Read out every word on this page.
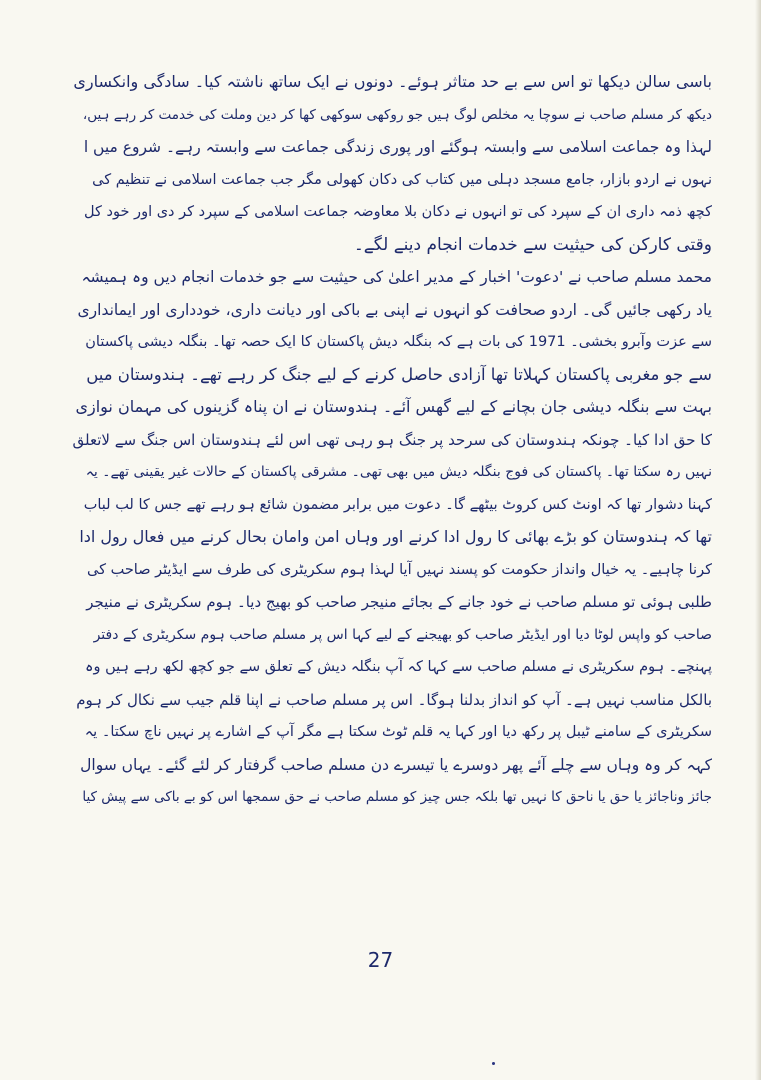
باسی سالن دیکھا تو اس سے بے حد متاثر ہوئے۔ دونوں نے ایک ساتھ ناشتہ کیا۔ سادگی وانکساری
دیکھ کر مسلم صاحب نے سوچا یہ مخلص لوگ ہیں جو روکھی سوکھی کھا کر دین وملت کی خدمت کر رہے ہیں،
لہذا وہ جماعت اسلامی سے وابستہ ہوگئے اور پوری زندگی جماعت سے وابستہ رہے۔ شروع میں ا
نہوں نے اردو بازار، جامع مسجد دہلی میں کتاب کی دکان کھولی مگر جب جماعت اسلامی نے تنظیم کی
کچھ ذمہ داری ان کے سپرد کی تو انہوں نے دکان بلا معاوضہ جماعت اسلامی کے سپرد کر دی اور خود کل
وقتی کارکن کی حیثیت سے خدمات انجام دینے لگے۔
محمد مسلم صاحب نے 'دعوت' اخبار کے مدیر اعلیٰ کی حیثیت سے جو خدمات انجام دیں وہ ہمیشہ
یاد رکھی جائیں گی۔ اردو صحافت کو انہوں نے اپنی بے باکی اور دیانت داری، خودداری اور ایمانداری
سے عزت وآبرو بخشی۔ 1971 کی بات ہے کہ بنگلہ دیش پاکستان کا ایک حصہ تھا۔ بنگلہ دیشی پاکستان
سے جو مغربی پاکستان کہلاتا تھا آزادی حاصل کرنے کے لیے جنگ کر رہے تھے۔ ہندوستان میں
بہت سے بنگلہ دیشی جان بچانے کے لیے گھس آئے۔ ہندوستان نے ان پناہ گزینوں کی مہمان نوازی
کا حق ادا کیا۔ چونکہ ہندوستان کی سرحد پر جنگ ہو رہی تھی اس لئے ہندوستان اس جنگ سے لاتعلق
نہیں رہ سکتا تھا۔ پاکستان کی فوج بنگلہ دیش میں بھی تھی۔ مشرقی پاکستان کے حالات غیر یقینی تھے۔ یہ
کہنا دشوار تھا کہ اونٹ کس کروٹ بیٹھے گا۔ دعوت میں برابر مضمون شائع ہو رہے تھے جس کا لب لباب
تھا کہ ہندوستان کو بڑے بھائی کا رول ادا کرنے اور وہاں امن وامان بحال کرنے میں فعال رول ادا
کرنا چاہیے۔ یہ خیال وانداز حکومت کو پسند نہیں آیا لہذا ہوم سکریٹری کی طرف سے ایڈیٹر صاحب کی
طلبی ہوئی تو مسلم صاحب نے خود جانے کے بجائے منیجر صاحب کو بھیج دیا۔ ہوم سکریٹری نے منیجر
صاحب کو واپس لوٹا دیا اور ایڈیٹر صاحب کو بھیجنے کے لیے کہا اس پر مسلم صاحب ہوم سکریٹری کے دفتر
پہنچے۔ ہوم سکریٹری نے مسلم صاحب سے کہا کہ آپ بنگلہ دیش کے تعلق سے جو کچھ لکھ رہے ہیں وہ
بالکل مناسب نہیں ہے۔ آپ کو انداز بدلنا ہوگا۔ اس پر مسلم صاحب نے اپنا قلم جیب سے نکال کر ہوم
سکریٹری کے سامنے ٹیبل پر رکھ دیا اور کہا یہ قلم ٹوٹ سکتا ہے مگر آپ کے اشارے پر نہیں ناچ سکتا۔ یہ
کہہ کر وہ وہاں سے چلے آئے پھر دوسرے یا تیسرے دن مسلم صاحب گرفتار کر لئے گئے۔ یہاں سوال
جائز وناجائز یا حق یا ناحق کا نہیں تھا بلکہ جس چیز کو مسلم صاحب نے حق سمجھا اس کو بے باکی سے پیش کیا
27
